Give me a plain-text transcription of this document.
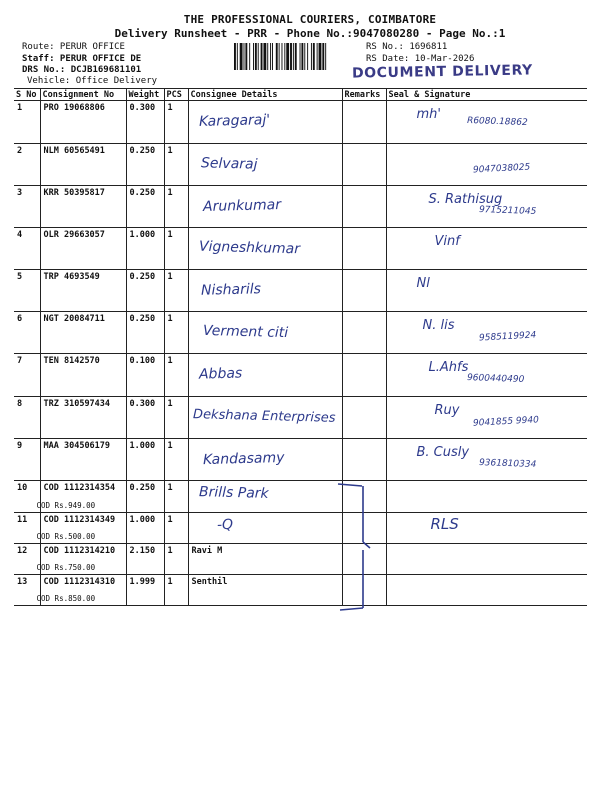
THE PROFESSIONAL COURIERS, COIMBATORE
Delivery Runsheet - PRR - Phone No.:9047080280 - Page No.:1
Route: PERUR OFFICE
Staff: PERUR OFFICE DE
DRS No.: DCJB169681101
RS No.: 1696811
RS Date: 10-Mar-2026
DOCUMENT DELIVERY
Vehicle: Office Delivery
S No	Consignment No	Weight	PCS	Consignee Details	Remarks	Seal & Signature
1	PRO 19068806	0.300	1	Karagaraj'		mh' R6080.18862

2	NLM 60565491	0.250	1	Selvaraj		9047038025

3	KRR 50395817	0.250	1	Arunkumar		S. Rathisug
9715211045

4	OLR 29663057	1.000	1	Vigneshkumar		Vinf

5	TRP 4693549	0.250	1	Nisharils		Nl

6	NGT 20084711	0.250	1	Verment citi		N. lis
9585119924

7	TEN 8142570	0.100	1	Abbas		L.Ahfs
9600440490

8	TRZ 310597434	0.300	1	Dekshana Enterprises		Ruy
9041855 9940

9	MAA 304506179	1.000	1	Kandasamy		B. Cusly
9361810334

10	COD 1112314354
COD Rs.949.00	0.250	1	Brills Park		

11	COD 1112314349
COD Rs.500.00	1.000	1	-Q		RLS

12	COD 1112314210
COD Rs.750.00	2.150	1	Ravi M		
13	COD 1112314310
COD Rs.850.00	1.999	1	Senthil		
